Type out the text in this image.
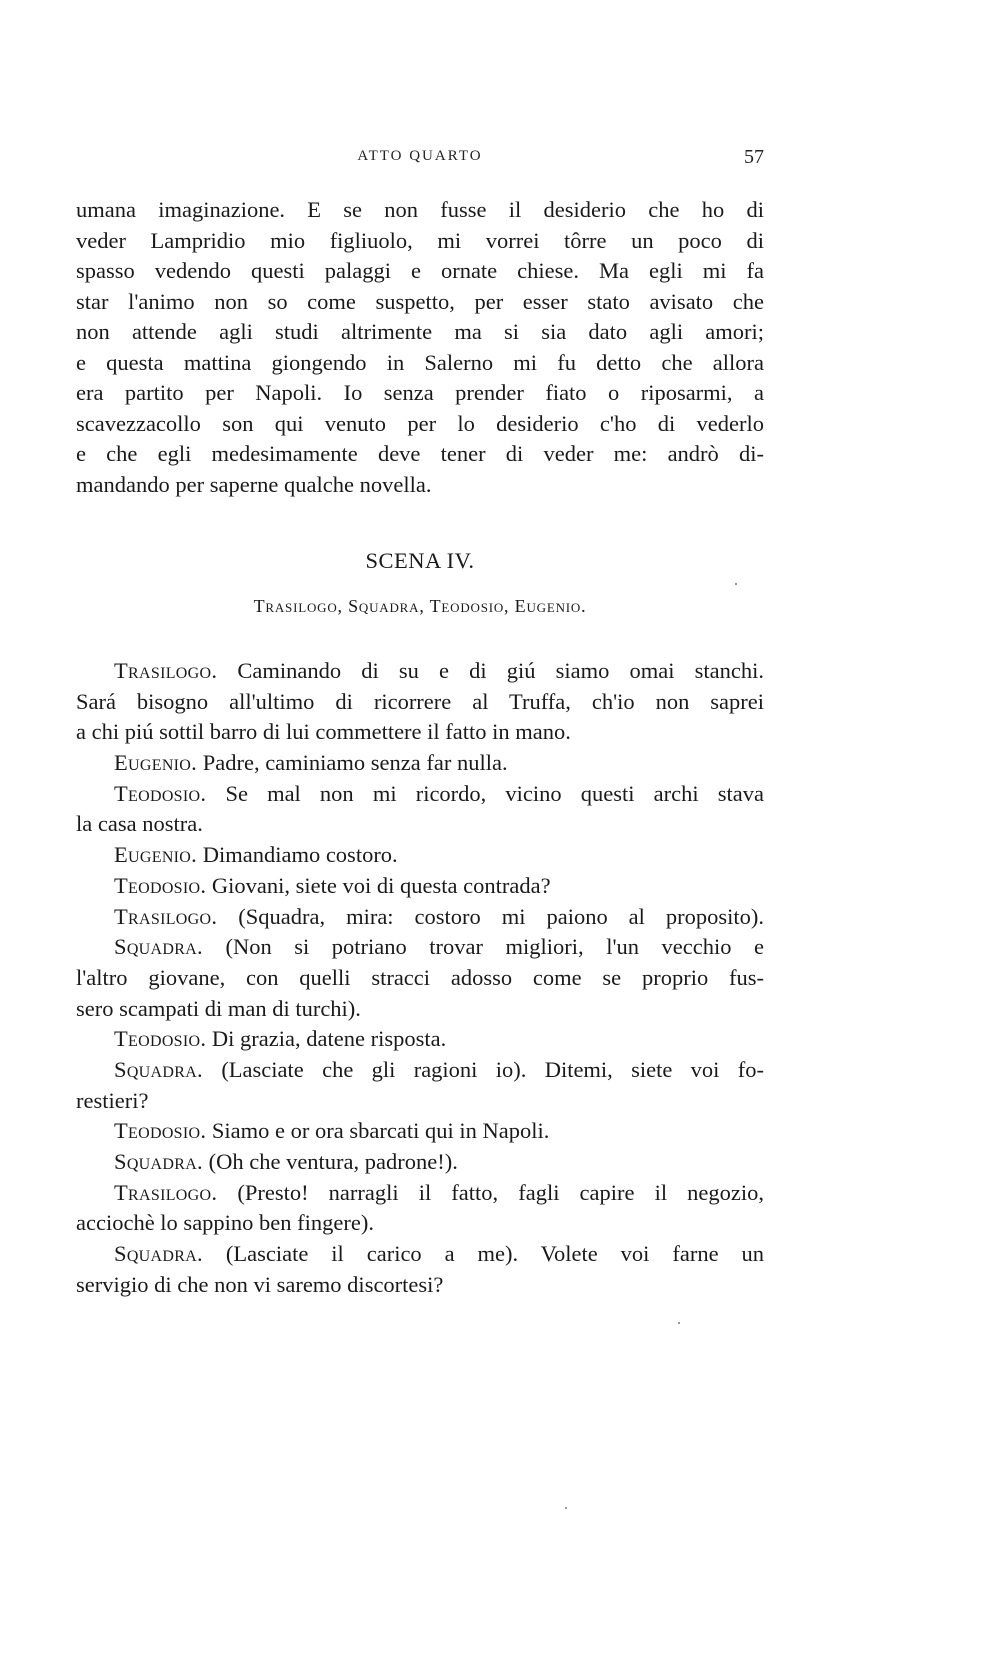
ATTO QUARTO	57
umana imaginazione. E se non fusse il desiderio che ho di
veder Lampridio mio figliuolo, mi vorrei tôrre un poco di
spasso vedendo questi palaggi e ornate chiese. Ma egli mi fa
star l'animo non so come suspetto, per esser stato avisato che
non attende agli studi altrimente ma si sia dato agli amori;
e questa mattina giongendo in Salerno mi fu detto che allora
era partito per Napoli. Io senza prender fiato o riposarmi, a
scavezzacollo son qui venuto per lo desiderio c'ho di vederlo
e che egli medesimamente deve tener di veder me: andrò di-
mandando per saperne qualche novella.
SCENA IV.
Trasilogo, Squadra, Teodosio, Eugenio.
Trasilogo. Caminando di su e di giú siamo omai stanchi.
Sará bisogno all'ultimo di ricorrere al Truffa, ch'io non saprei
a chi piú sottil barro di lui commettere il fatto in mano.
Eugenio. Padre, caminiamo senza far nulla.
Teodosio. Se mal non mi ricordo, vicino questi archi stava
la casa nostra.
Eugenio. Dimandiamo costoro.
Teodosio. Giovani, siete voi di questa contrada?
Trasilogo. (Squadra, mira: costoro mi paiono al proposito).
Squadra. (Non si potriano trovar migliori, l'un vecchio e
l'altro giovane, con quelli stracci adosso come se proprio fus-
sero scampati di man di turchi).
Teodosio. Di grazia, datene risposta.
Squadra. (Lasciate che gli ragioni io). Ditemi, siete voi fo-
restieri?
Teodosio. Siamo e or ora sbarcati qui in Napoli.
Squadra. (Oh che ventura, padrone!).
Trasilogo. (Presto! narragli il fatto, fagli capire il negozio,
acciochè lo sappino ben fingere).
Squadra. (Lasciate il carico a me). Volete voi farne un
servigio di che non vi saremo discortesi?
